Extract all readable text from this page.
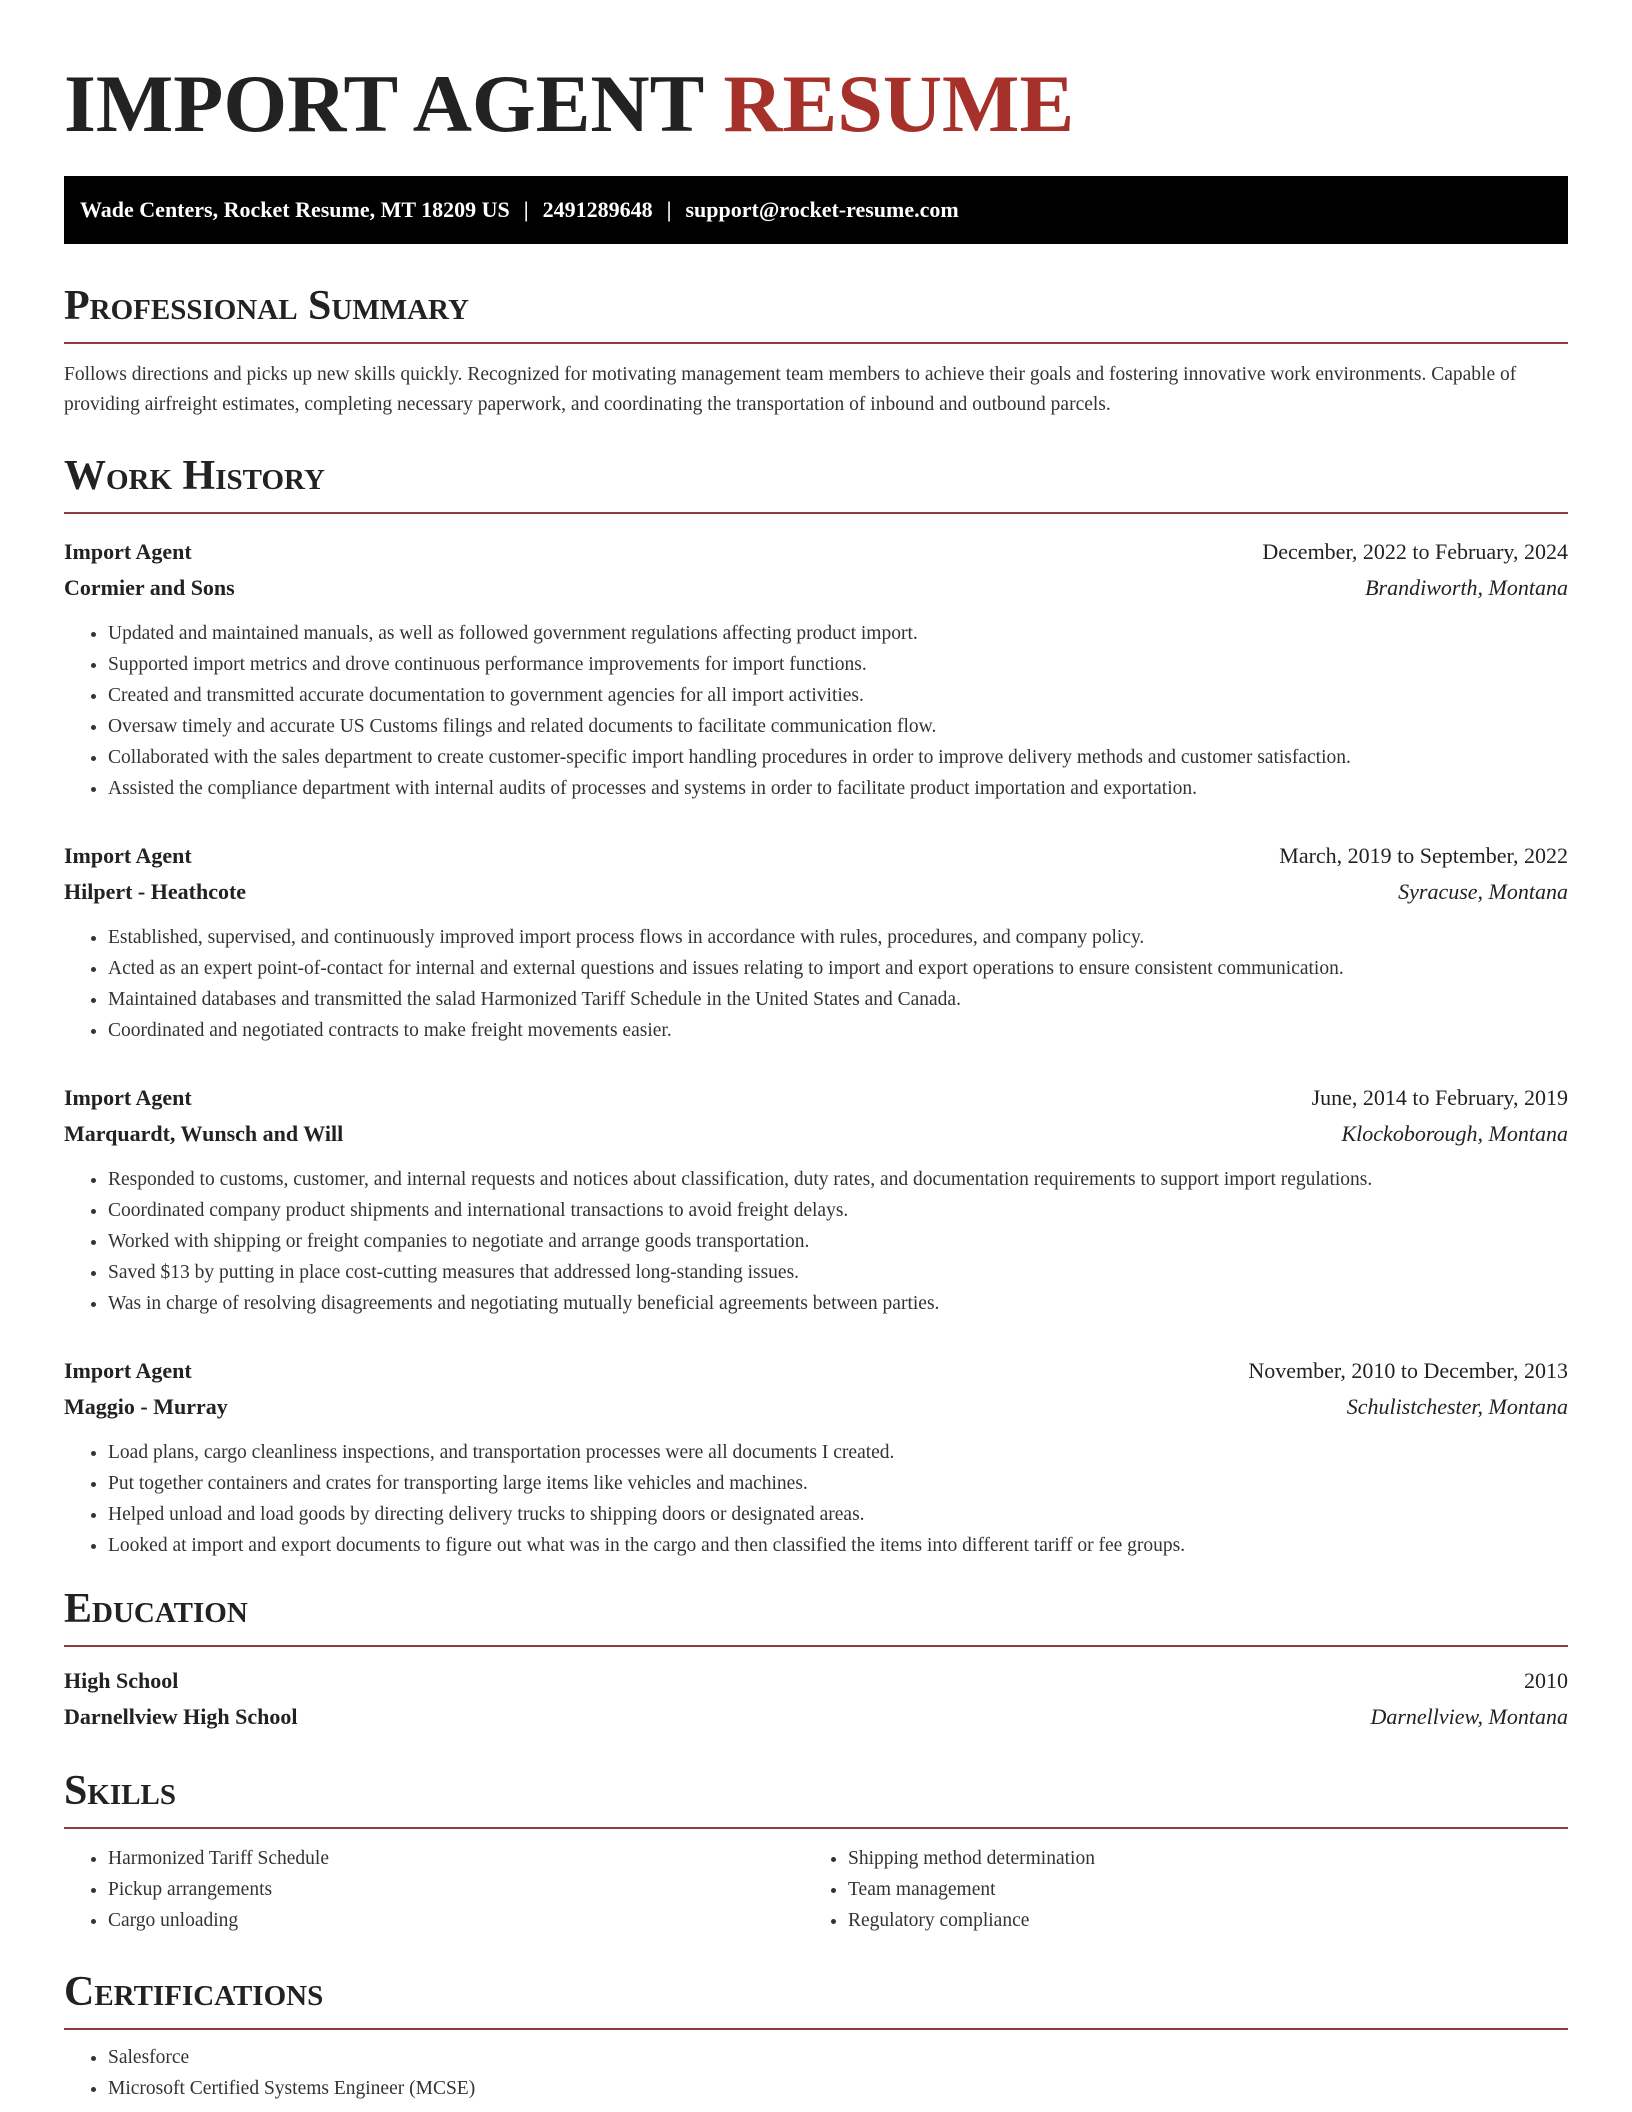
IMPORT AGENT RESUME
Wade Centers, Rocket Resume, MT 18209 US | 2491289648 | support@rocket-resume.com
Professional Summary

Follows directions and picks up new skills quickly. Recognized for motivating management team members to achieve their goals and fostering innovative work environments. Capable of providing airfreight estimates, completing necessary paperwork, and coordinating the transportation of inbound and outbound parcels.

Work History
Import Agent	December, 2022 to February, 2024
Cormier and Sons	Brandiworth, Montana
• Updated and maintained manuals, as well as followed government regulations affecting product import.
• Supported import metrics and drove continuous performance improvements for import functions.
• Created and transmitted accurate documentation to government agencies for all import activities.
• Oversaw timely and accurate US Customs filings and related documents to facilitate communication flow.
• Collaborated with the sales department to create customer-specific import handling procedures in order to improve delivery methods and customer satisfaction.
• Assisted the compliance department with internal audits of processes and systems in order to facilitate product importation and exportation.
Import Agent	March, 2019 to September, 2022
Hilpert - Heathcote	Syracuse, Montana
• Established, supervised, and continuously improved import process flows in accordance with rules, procedures, and company policy.
• Acted as an expert point-of-contact for internal and external questions and issues relating to import and export operations to ensure consistent communication.
• Maintained databases and transmitted the salad Harmonized Tariff Schedule in the United States and Canada.
• Coordinated and negotiated contracts to make freight movements easier.
Import Agent	June, 2014 to February, 2019
Marquardt, Wunsch and Will	Klockoborough, Montana
• Responded to customs, customer, and internal requests and notices about classification, duty rates, and documentation requirements to support import regulations.
• Coordinated company product shipments and international transactions to avoid freight delays.
• Worked with shipping or freight companies to negotiate and arrange goods transportation.
• Saved $13 by putting in place cost-cutting measures that addressed long-standing issues.
• Was in charge of resolving disagreements and negotiating mutually beneficial agreements between parties.
Import Agent	November, 2010 to December, 2013
Maggio - Murray	Schulistchester, Montana
• Load plans, cargo cleanliness inspections, and transportation processes were all documents I created.
• Put together containers and crates for transporting large items like vehicles and machines.
• Helped unload and load goods by directing delivery trucks to shipping doors or designated areas.
• Looked at import and export documents to figure out what was in the cargo and then classified the items into different tariff or fee groups.
Education
High School	2010
Darnellview High School	Darnellview, Montana
Skills
• Harmonized Tariff Schedule
• Pickup arrangements
• Cargo unloading
• Shipping method determination
• Team management
• Regulatory compliance
Certifications
• Salesforce
• Microsoft Certified Systems Engineer (MCSE)
